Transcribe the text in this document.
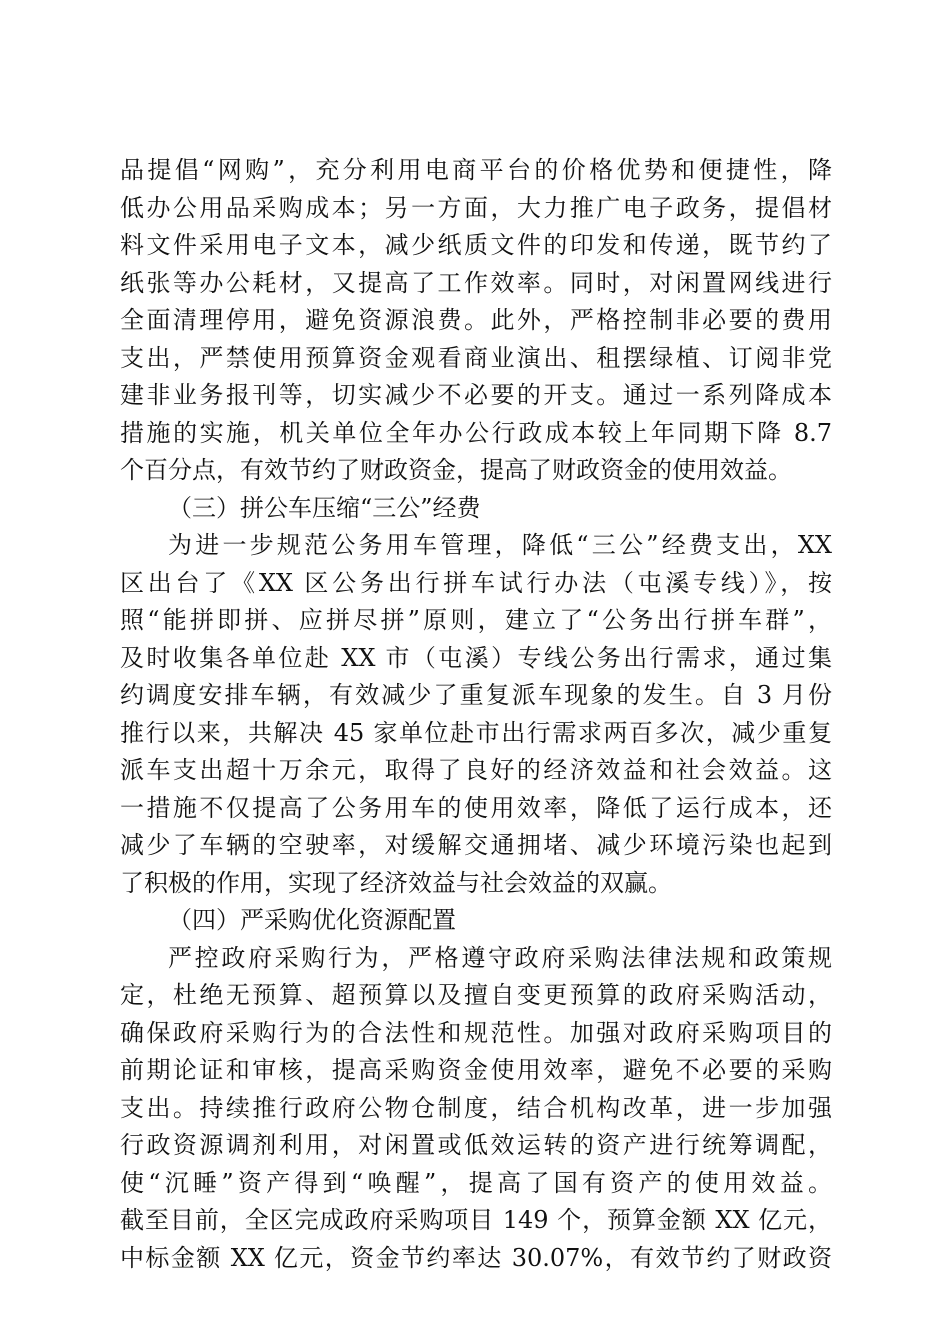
品提倡“网购”，充分利用电商平台的价格优势和便捷性，降
低办公用品采购成本；另一方面，大力推广电子政务，提倡材
料文件采用电子文本，减少纸质文件的印发和传递，既节约了
纸张等办公耗材，又提高了工作效率。同时，对闲置网线进行
全面清理停用，避免资源浪费。此外，严格控制非必要的费用
支出，严禁使用预算资金观看商业演出、租摆绿植、订阅非党
建非业务报刊等，切实减少不必要的开支。通过一系列降成本
措施的实施，机关单位全年办公行政成本较上年同期下降 8.7
个百分点，有效节约了财政资金，提高了财政资金的使用效益。
（三）拼公车压缩“三公”经费
为进一步规范公务用车管理，降低“三公”经费支出，XX
区出台了《XX 区公务出行拼车试行办法（屯溪专线）》，按
照“能拼即拼、应拼尽拼”原则，建立了“公务出行拼车群”，
及时收集各单位赴 XX 市（屯溪）专线公务出行需求，通过集
约调度安排车辆，有效减少了重复派车现象的发生。自 3 月份
推行以来，共解决 45 家单位赴市出行需求两百多次，减少重复
派车支出超十万余元，取得了良好的经济效益和社会效益。这
一措施不仅提高了公务用车的使用效率，降低了运行成本，还
减少了车辆的空驶率，对缓解交通拥堵、减少环境污染也起到
了积极的作用，实现了经济效益与社会效益的双赢。
（四）严采购优化资源配置
严控政府采购行为，严格遵守政府采购法律法规和政策规
定，杜绝无预算、超预算以及擅自变更预算的政府采购活动，
确保政府采购行为的合法性和规范性。加强对政府采购项目的
前期论证和审核，提高采购资金使用效率，避免不必要的采购
支出。持续推行政府公物仓制度，结合机构改革，进一步加强
行政资源调剂利用，对闲置或低效运转的资产进行统筹调配，
使“沉睡”资产得到“唤醒”，提高了国有资产的使用效益。
截至目前，全区完成政府采购项目 149 个，预算金额 XX 亿元，
中标金额 XX 亿元，资金节约率达 30.07%，有效节约了财政资
